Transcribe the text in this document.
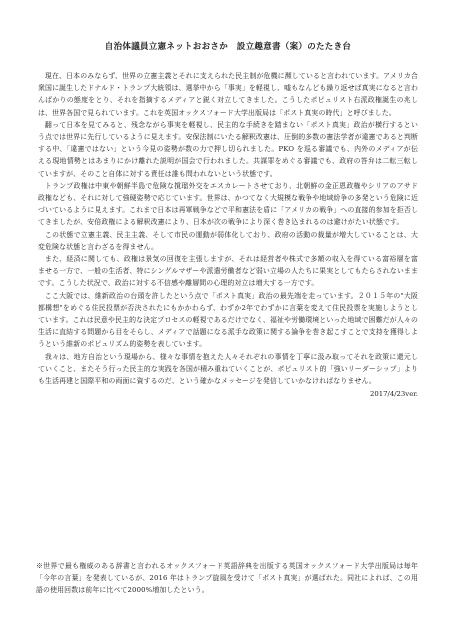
自治体議員立憲ネットおおさか　設立趣意書（案）のたたき台

現在、日本のみならず、世界の立憲主義とそれに支えられた民主制が危機に瀕していると言われています。アメリカ合衆国に誕生したドナルド・トランプ大統領は、選挙中から「事実」を軽視し、嘘もなんども繰り返せば真実になると言わんばかりの態度をとり、それを指摘するメディアと鋭く対立してきました。こうしたポピュリスト右派政権誕生の兆しは、世界各国で見られています。これを英国オックスフォード大学出版局は「ポスト真実の時代」と呼びました。

翻って日本を見てみると、残念ながら事実を軽視し、民主的な手続きを踏まない「ポスト真実」政治が横行するという点では世界に先行しているように見えます。安保法制にいたる解釈改憲は、圧倒的多数の憲法学者が違憲であると判断する中、「違憲ではない」という今見の姿勢が数の力で押し切られました。PKO を巡る審議でも、内外のメディアが伝える現地情勢とはあまりにかけ離れた説明が国会で行われました。共謀罪をめぐる審議でも、政府の答弁は二転三転していますが、そのこと自体に対する責任は誰も問われないという状態です。

トランプ政権は中東や朝鮮半島で危険な撹瑠外交をエスカレートさせており、北朝鮮の金正恩政権やシリアのアサド政権なども、それに対して強硬姿勢で応じています。世界は、かつてなく大規模な戦争や地域紛争の多発という危険に近づいているように見えます。これまで日本は再軍戦争などで平和憲法を盾に「アメリカの戦争」への直接的参加を拒否してきましたが、安倍政権による解釈改憲により、日本が次の戦争により深く巻き込まれるのは避けがたい状態です。

この状態で立憲主義、民主主義、そして市民の運動が弱体化しており、政府の活動の裁量が増大していることは、大変危険な状態と言わざるを得ません。

また、経済に関しても、政権は景気の回復を主張しますが、それは経営者や株式で多額の収入を得ている富裕層を富ませる一方で、一般の生活者、特にシングルマザーや派遣労働者など弱い立場の人たちに果実としてもたらされないままです。こうした状況で、政治に対する不信感や離層間の心理的対立は増大する一方です。

ここ大阪では、維新政治の台頭を許したという点で「ポスト真実」政治の最先端を走っています。２０１５年の"大阪都構想"をめぐる住民投票が否決されたにもかかわらず、わずか2年でわずかに言葉を変えて住民投票を実施しようとしています。これは民意や民主的な決定プロセスの軽視であるだけでなく、福祉や労働環境といった地域で困難だが人々の生活に直結する問題から目をそらし、メディアで話題になる派手な政策に関する論争を巻き起こすことで支持を獲得しようという維新のポピュリズム的姿勢を表しています。

我々は、地方自治という現場から、様々な事情を抱えた人々それぞれの事情を丁寧に汲み取ってそれを政策に還元していくこと、またそう行った民主的な実践を各国が積み重ねていくことが、ポピュリスト的「強いリーダーシップ」よりも生活再建と国際平和の両面に資するのだ、という確かなメッセージを発信していかなければなりません。

2017/4/23ver.
※世界で最も権威のある辞書と言われるオックスフォード英語辞典を出版する英国オックスフォード大学出版局は毎年「今年の言葉」を発表しているが、2016 年はトランプ旋風を受けて「ポスト真実」が選ばれた。同社によれば、この用語の使用回数は前年に比べて2000%増加したという。
